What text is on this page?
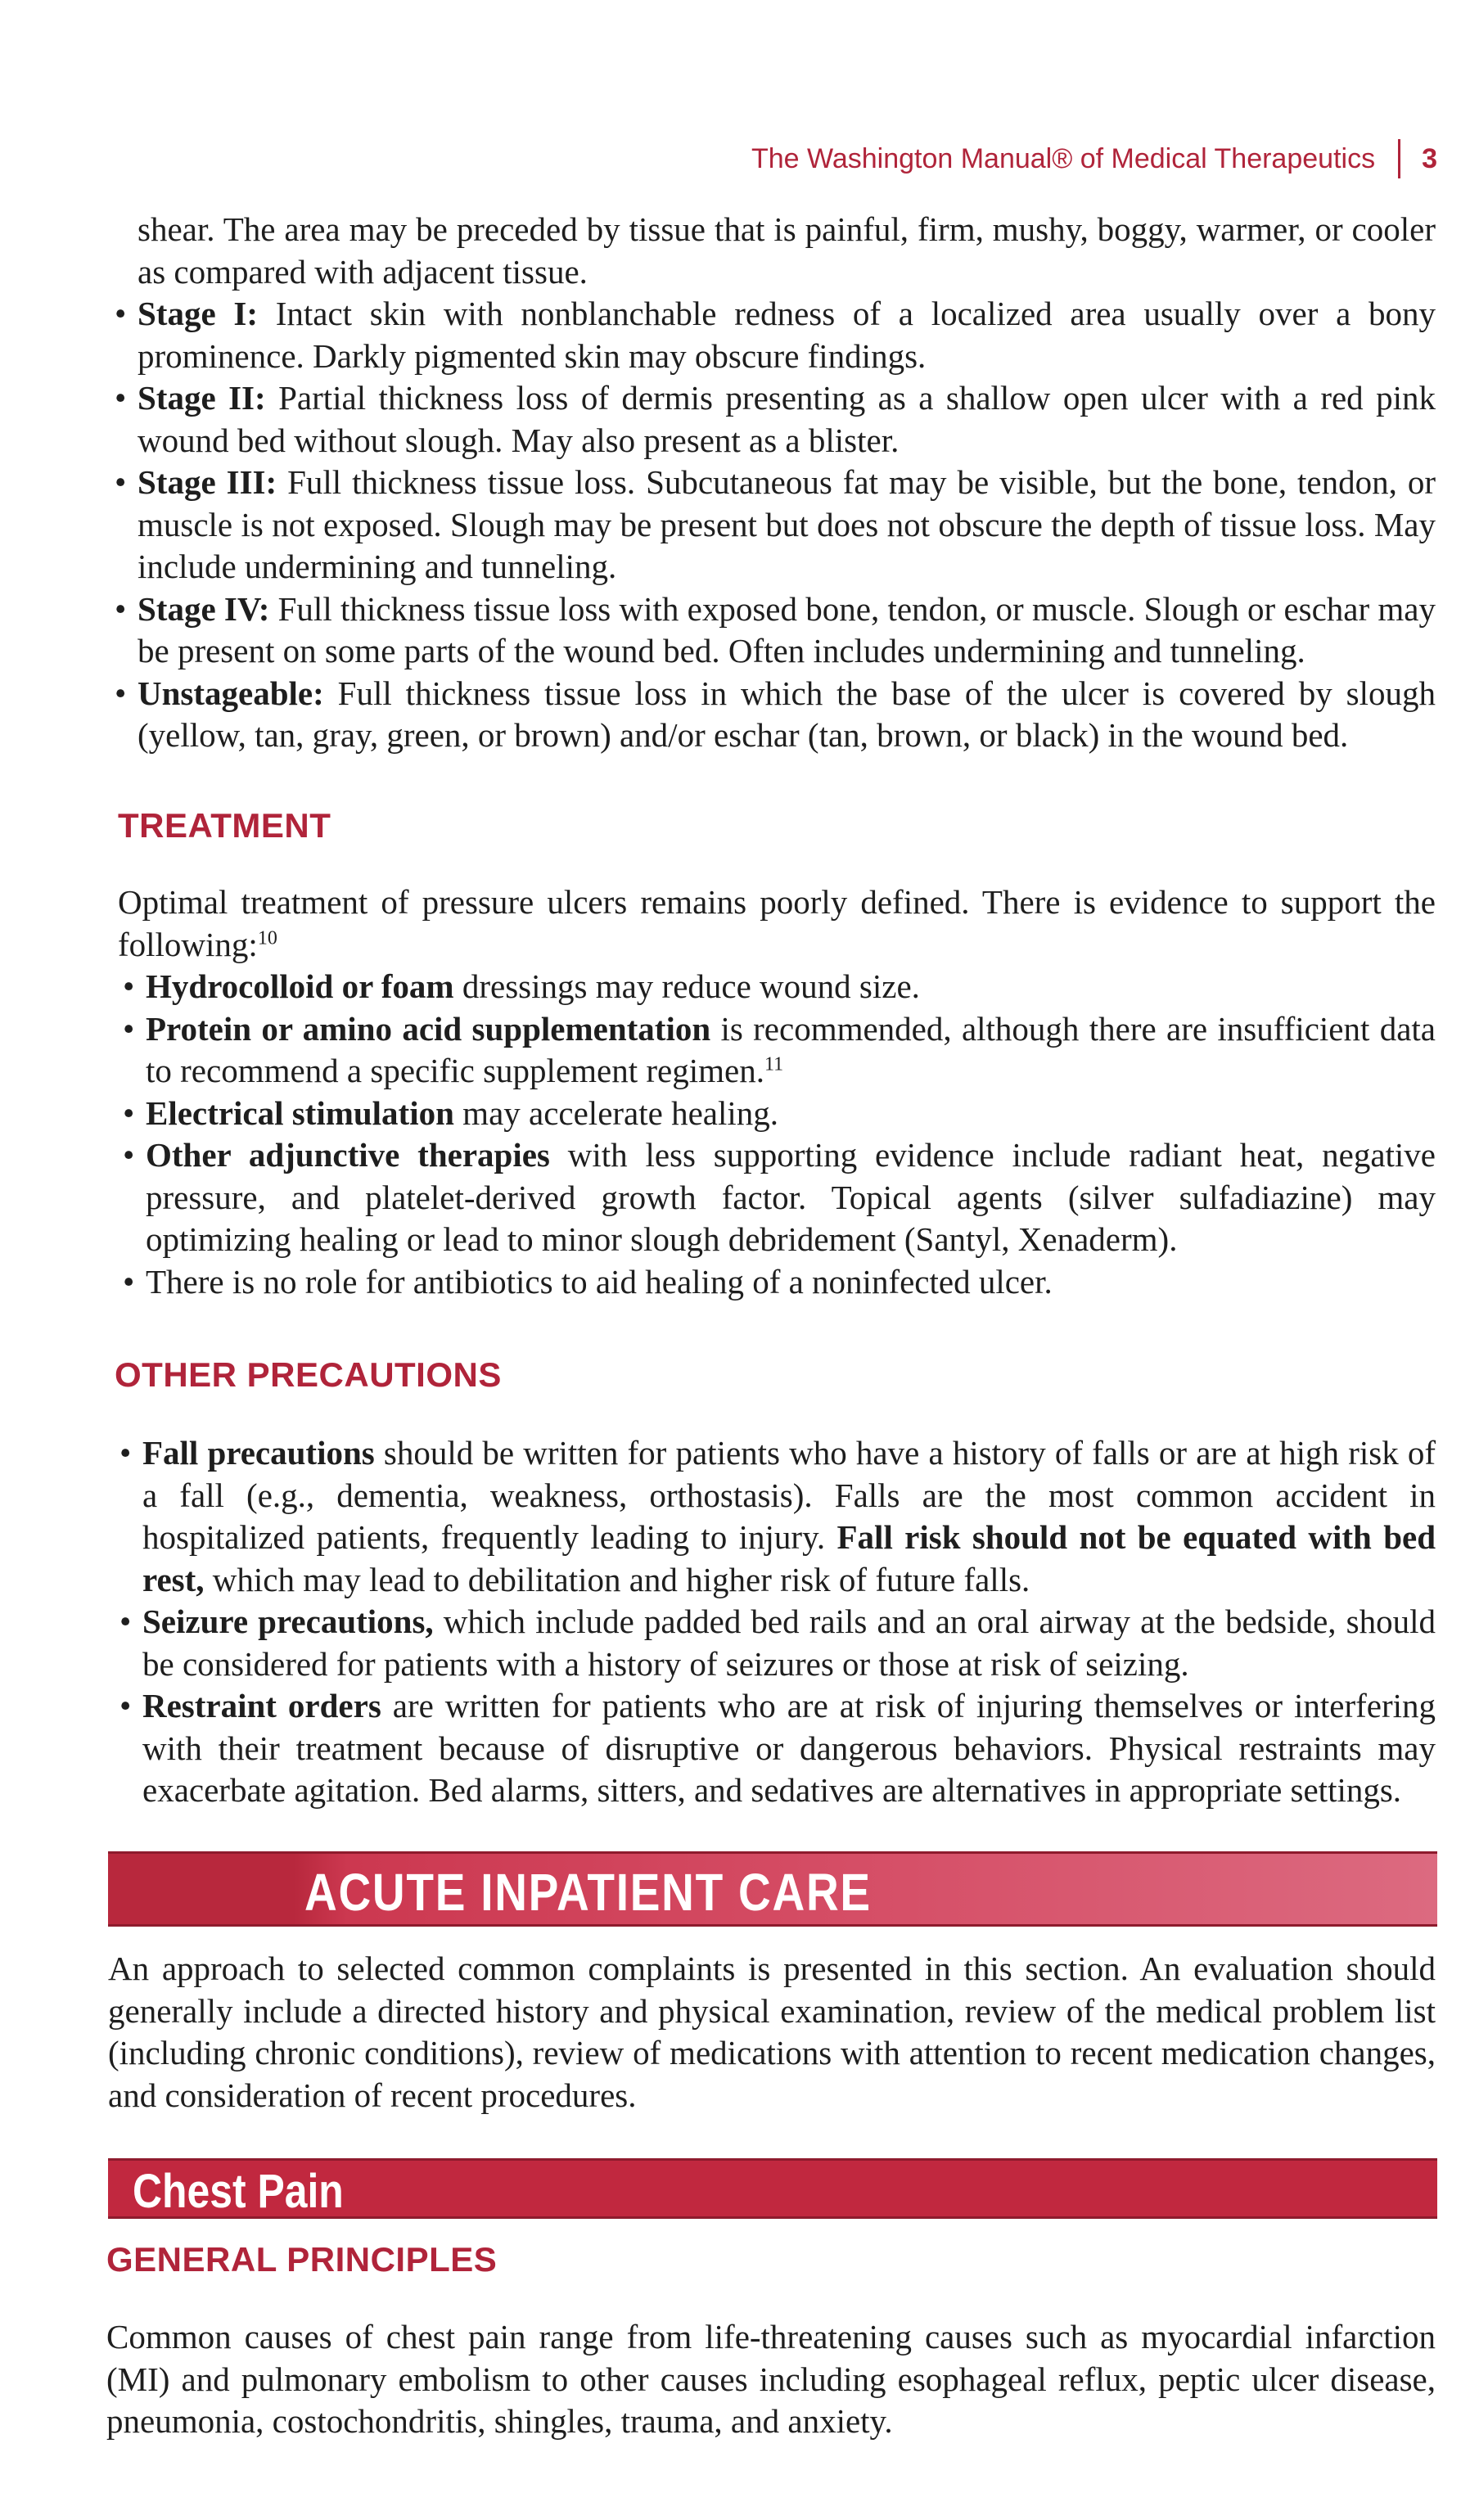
The Washington Manual® of Medical Therapeutics 3

shear. The area may be preceded by tissue that is painful, firm, mushy, boggy, warmer, or cooler as compared with adjacent tissue.

• Stage I: Intact skin with nonblanchable redness of a localized area usually over a bony prominence. Darkly pigmented skin may obscure findings.
• Stage II: Partial thickness loss of dermis presenting as a shallow open ulcer with a red pink wound bed without slough. May also present as a blister.
• Stage III: Full thickness tissue loss. Subcutaneous fat may be visible, but the bone, tendon, or muscle is not exposed. Slough may be present but does not obscure the depth of tissue loss. May include undermining and tunneling.
• Stage IV: Full thickness tissue loss with exposed bone, tendon, or muscle. Slough or eschar may be present on some parts of the wound bed. Often includes undermining and tunneling.
• Unstageable: Full thickness tissue loss in which the base of the ulcer is covered by slough (yellow, tan, gray, green, or brown) and/or eschar (tan, brown, or black) in the wound bed.
TREATMENT

Optimal treatment of pressure ulcers remains poorly defined. There is evidence to support the following:$^{10}$

• Hydrocolloid or foam dressings may reduce wound size.
• Protein or amino acid supplementation is recommended, although there are insufficient data to recommend a specific supplement regimen.$^{11}$
• Electrical stimulation may accelerate healing.
• Other adjunctive therapies with less supporting evidence include radiant heat, negative pressure, and platelet-derived growth factor. Topical agents (silver sulfadiazine) may optimizing healing or lead to minor slough debridement (Santyl, Xenaderm).
• There is no role for antibiotics to aid healing of a noninfected ulcer.
OTHER PRECAUTIONS
• Fall precautions should be written for patients who have a history of falls or are at high risk of a fall (e.g., dementia, weakness, orthostasis). Falls are the most common accident in hospitalized patients, frequently leading to injury. Fall risk should not be equated with bed rest, which may lead to debilitation and higher risk of future falls.
• Seizure precautions, which include padded bed rails and an oral airway at the bedside, should be considered for patients with a history of seizures or those at risk of seizing.
• Restraint orders are written for patients who are at risk of injuring themselves or interfering with their treatment because of disruptive or dangerous behaviors. Physical restraints may exacerbate agitation. Bed alarms, sitters, and sedatives are alternatives in appropriate settings.
ACUTE INPATIENT CARE

An approach to selected common complaints is presented in this section. An evaluation should generally include a directed history and physical examination, review of the medical problem list (including chronic conditions), review of medications with attention to recent medication changes, and consideration of recent procedures.

Chest Pain
GENERAL PRINCIPLES

Common causes of chest pain range from life-threatening causes such as myocardial infarction (MI) and pulmonary embolism to other causes including esophageal reflux, peptic ulcer disease, pneumonia, costochondritis, shingles, trauma, and anxiety.
